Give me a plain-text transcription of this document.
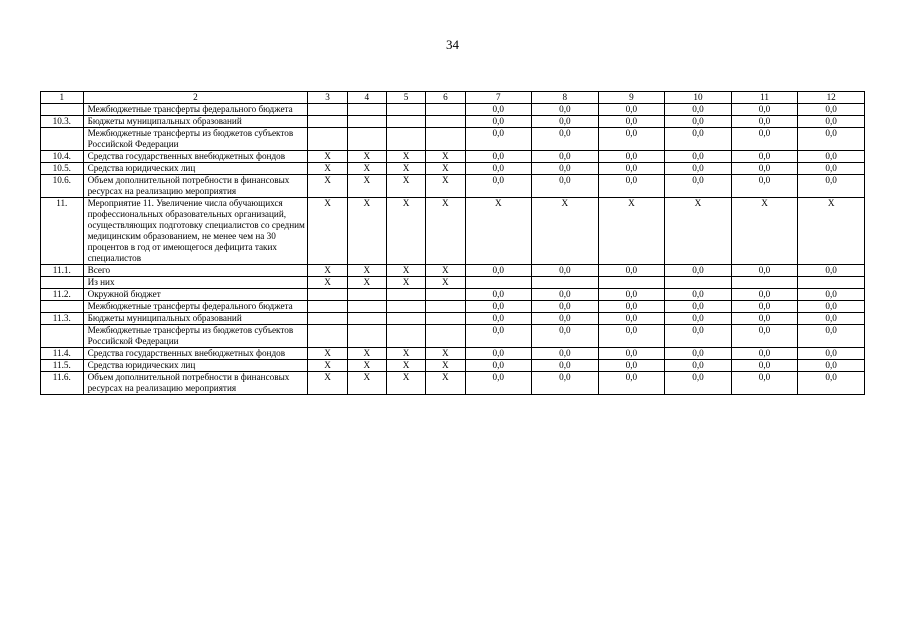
34
1	2	3	4	5	6	7	8	9	10	11	12
	Межбюджетные трансферты федерального бюджета					0,0	0,0	0,0	0,0	0,0	0,0
10.3.	Бюджеты муниципальных образований					0,0	0,0	0,0	0,0	0,0	0,0
	Межбюджетные трансферты из бюджетов субъектов Российской Федерации					0,0	0,0	0,0	0,0	0,0	0,0
10.4.	Средства государственных внебюджетных фондов	X	X	X	X	0,0	0,0	0,0	0,0	0,0	0,0
10.5.	Средства юридических лиц	X	X	X	X	0,0	0,0	0,0	0,0	0,0	0,0
10.6.	Объем дополнительной потребности в финансовых ресурсах на реализацию мероприятия	X	X	X	X	0,0	0,0	0,0	0,0	0,0	0,0
11.	Мероприятие 11. Увеличение числа обучающихся профессиональных образовательных организаций, осуществляющих подготовку специалистов со средним медицинским образованием, не менее чем на 30 процентов в год от имеющегося дефицита таких специалистов	X	X	X	X	X	X	X	X	X	X
11.1.	Всего	X	X	X	X	0,0	0,0	0,0	0,0	0,0	0,0
	Из них	X	X	X	X						
11.2.	Окружной бюджет					0,0	0,0	0,0	0,0	0,0	0,0
	Межбюджетные трансферты федерального бюджета					0,0	0,0	0,0	0,0	0,0	0,0
11.3.	Бюджеты муниципальных образований					0,0	0,0	0,0	0,0	0,0	0,0
	Межбюджетные трансферты из бюджетов субъектов Российской Федерации					0,0	0,0	0,0	0,0	0,0	0,0
11.4.	Средства государственных внебюджетных фондов	X	X	X	X	0,0	0,0	0,0	0,0	0,0	0,0
11.5.	Средства юридических лиц	X	X	X	X	0,0	0,0	0,0	0,0	0,0	0,0
11.6.	Объем дополнительной потребности в финансовых ресурсах на реализацию мероприятия	X	X	X	X	0,0	0,0	0,0	0,0	0,0	0,0
